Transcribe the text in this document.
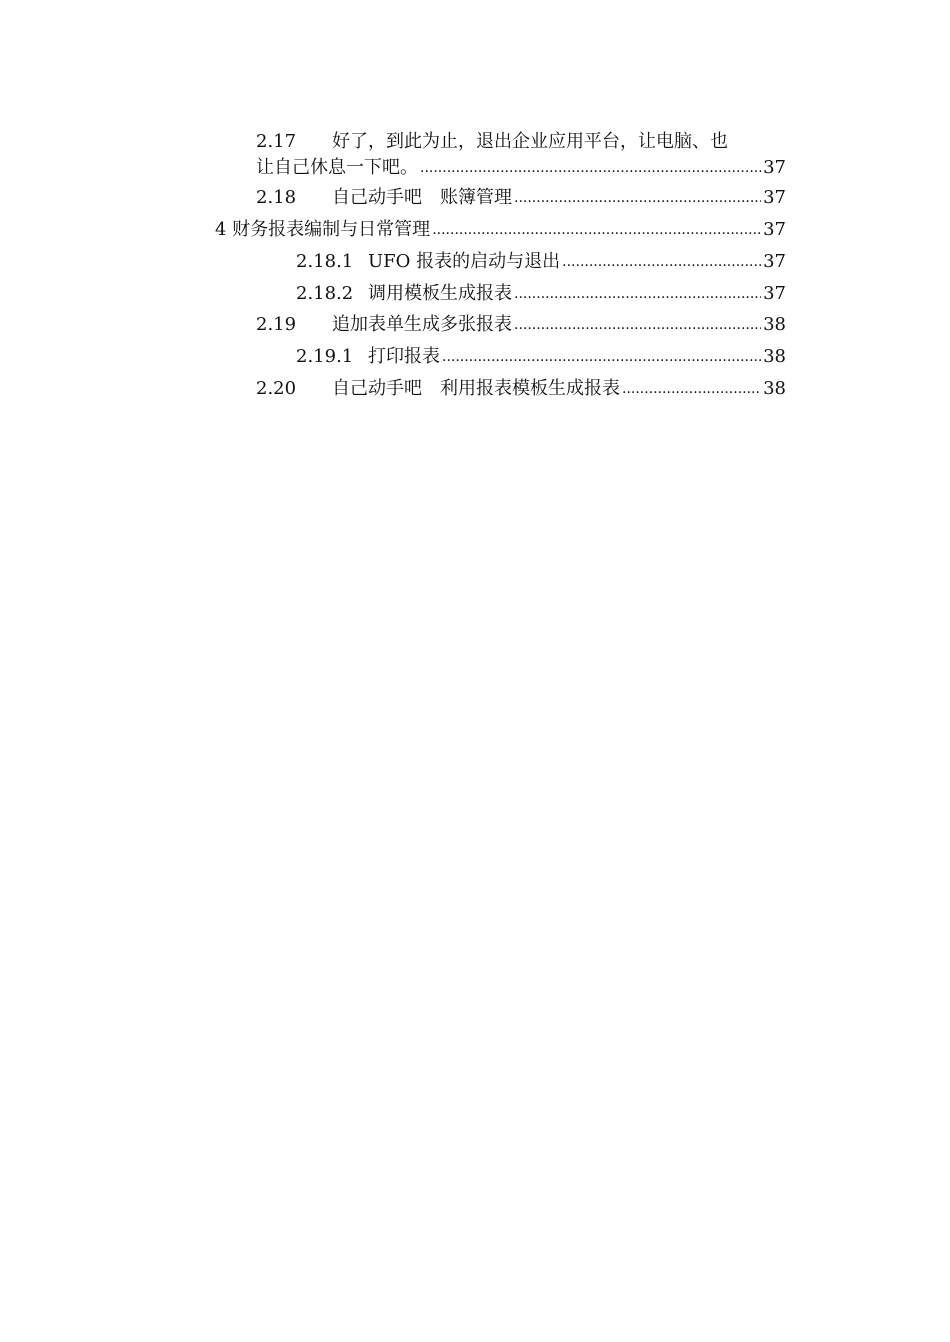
2.17	好了，到此为止，退出企业应用平台，让电脑、也
让自己休息一下吧。 .....	37
2.18	自己动手吧　账簿管理 .....	37
4 财务报表编制与日常管理 .....	37
2.18.1 UFO 报表的启动与退出 .....	37
2.18.2 调用模板生成报表 .....	37
2.19	追加表单生成多张报表 .....	38
2.19.1 打印报表 .....	38
2.20	自己动手吧　利用报表模板生成报表 .....	38
